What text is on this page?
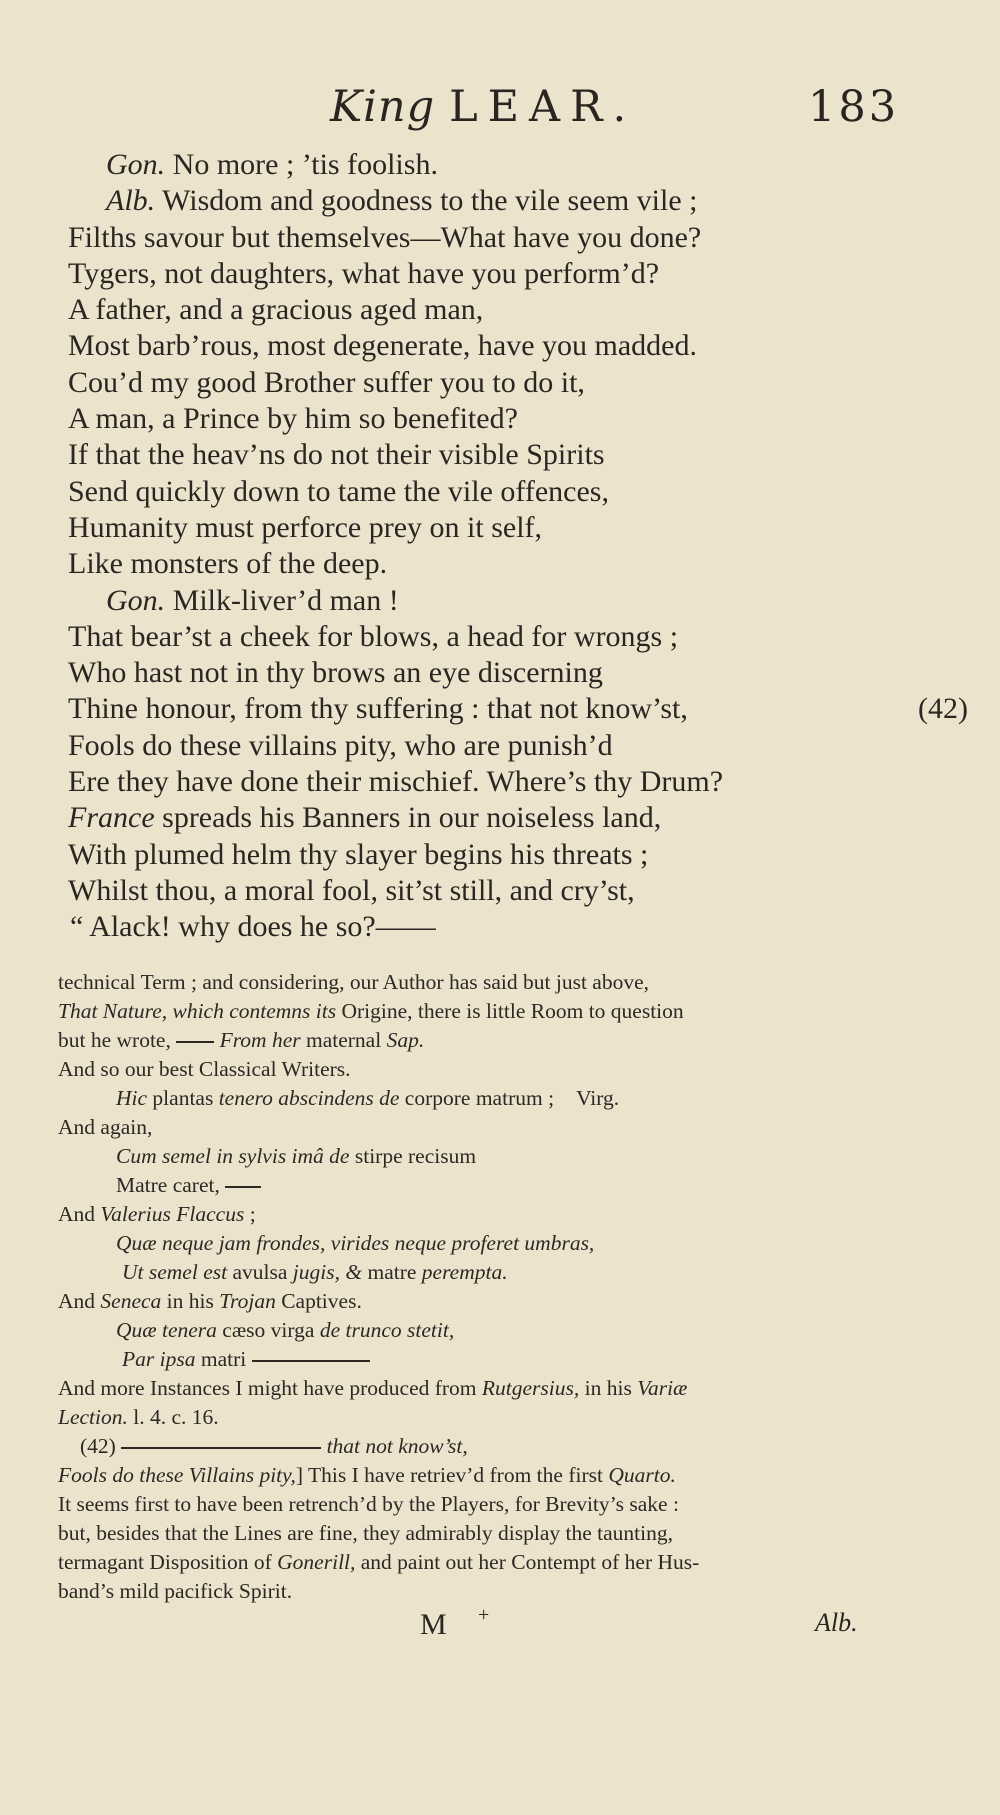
King LEAR.	183
Gon. No more ; ’tis foolish.
Alb. Wisdom and goodness to the vile seem vile ;
Filths savour but themselves—What have you done?
Tygers, not daughters, what have you perform’d?
A father, and a gracious aged man,
Most barb’rous, most degenerate, have you madded.
Cou’d my good Brother suffer you to do it,
A man, a Prince by him so benefited?
If that the heav’ns do not their visible Spirits
Send quickly down to tame the vile offences,
Humanity must perforce prey on it self,
Like monsters of the deep.
Gon. Milk-liver’d man !
That bear’st a cheek for blows, a head for wrongs ;
Who hast not in thy brows an eye discerning
Thine honour, from thy suffering : that not know’st,	(42)
Fools do these villains pity, who are punish’d
Ere they have done their mischief. Where’s thy Drum?
France spreads his Banners in our noiseless land,
With plumed helm thy slayer begins his threats ;
Whilst thou, a moral fool, sit’st still, and cry’st,
“ Alack! why does he so?——
technical Term ; and considering, our Author has said but just above,
That Nature, which contemns its Origine, there is little Room to question
but he wrote,  From her maternal Sap.
And so our best Classical Writers.
Hic plantas tenero abscindens de corpore matrum ; Virg.
And again,
Cum semel in sylvis imâ de stirpe recisum
Matre caret,
And Valerius Flaccus ;
Quæ neque jam frondes, virides neque proferet umbras,
Ut semel est avulsa jugis, & matre perempta.
And Seneca in his Trojan Captives.
Quæ tenera cæso virga de trunco stetit,
Par ipsa matri
And more Instances I might have produced from Rutgersius, in his Variæ
Lection. l. 4. c. 16.
(42)	that not know’st,
Fools do these Villains pity,] This I have retriev’d from the first Quarto.
It seems first to have been retrench’d by the Players, for Brevity’s sake :
but, besides that the Lines are fine, they admirably display the taunting,
termagant Disposition of Gonerill, and paint out her Contempt of her Hus-
band’s mild pacifick Spirit.
M +	Alb.
